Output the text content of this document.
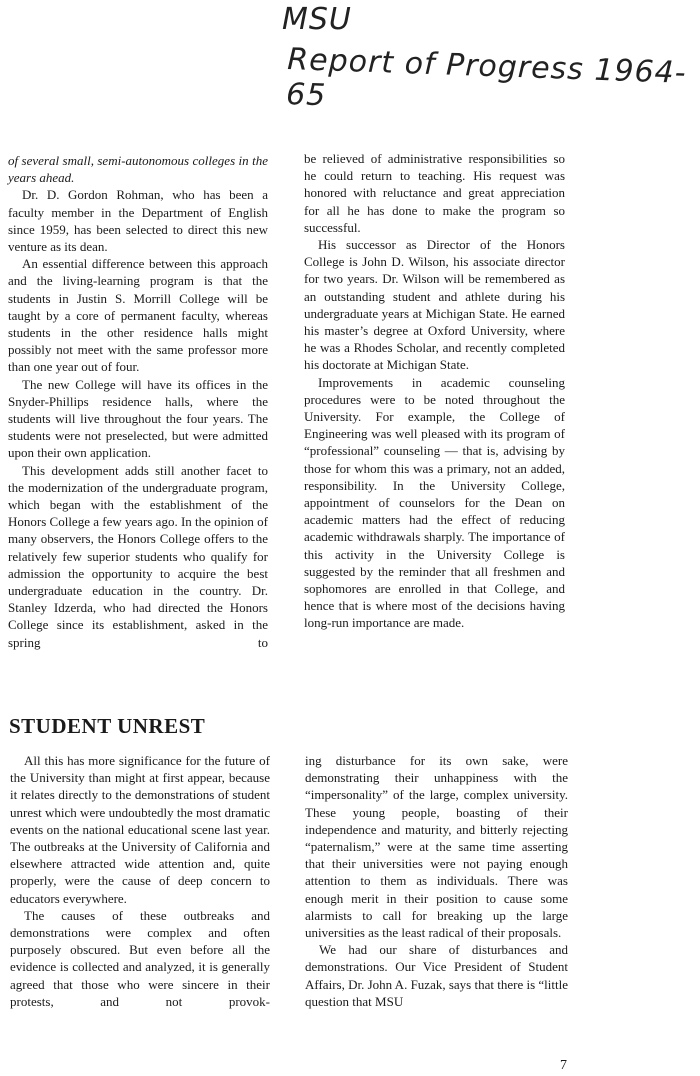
MSU
Report of Progress 1964-65

of several small, semi-autonomous colleges in the years ahead.

Dr. D. Gordon Rohman, who has been a faculty member in the Department of English since 1959, has been selected to direct this new venture as its dean.

An essential difference between this approach and the living-learning program is that the students in Justin S. Morrill College will be taught by a core of permanent faculty, whereas students in the other residence halls might possibly not meet with the same professor more than one year out of four.

The new College will have its offices in the Snyder-Phillips residence halls, where the students will live throughout the four years. The students were not preselected, but were admitted upon their own application.

This development adds still another facet to the modernization of the undergraduate program, which began with the establishment of the Honors College a few years ago. In the opinion of many observers, the Honors College offers to the relatively few superior students who qualify for admission the opportunity to acquire the best undergraduate education in the country. Dr. Stanley Idzerda, who had directed the Honors College since its establishment, asked in the spring to

be relieved of administrative responsibilities so he could return to teaching. His request was honored with reluctance and great appreciation for all he has done to make the program so successful.

His successor as Director of the Honors College is John D. Wilson, his associate director for two years. Dr. Wilson will be remembered as an outstanding student and athlete during his undergraduate years at Michigan State. He earned his master’s degree at Oxford University, where he was a Rhodes Scholar, and recently completed his doctorate at Michigan State.

Improvements in academic counseling procedures were to be noted throughout the University. For example, the College of Engineering was well pleased with its program of “professional” counseling — that is, advising by those for whom this was a primary, not an added, responsibility. In the University College, appointment of counselors for the Dean on academic matters had the effect of reducing academic withdrawals sharply. The importance of this activity in the University College is suggested by the reminder that all freshmen and sophomores are enrolled in that College, and hence that is where most of the decisions having long-run importance are made.

STUDENT UNREST

All this has more significance for the future of the University than might at first appear, because it relates directly to the demonstrations of student unrest which were undoubtedly the most dramatic events on the national educational scene last year. The outbreaks at the University of California and elsewhere attracted wide attention and, quite properly, were the cause of deep concern to educators everywhere.

The causes of these outbreaks and demonstrations were complex and often purposely obscured. But even before all the evidence is collected and analyzed, it is generally agreed that those who were sincere in their protests, and not provok-

ing disturbance for its own sake, were demonstrating their unhappiness with the “impersonality” of the large, complex university. These young people, boasting of their independence and maturity, and bitterly rejecting “paternalism,” were at the same time asserting that their universities were not paying enough attention to them as individuals. There was enough merit in their position to cause some alarmists to call for breaking up the large universities as the least radical of their proposals.

We had our share of disturbances and demonstrations. Our Vice President of Student Affairs, Dr. John A. Fuzak, says that there is “little question that MSU

7
